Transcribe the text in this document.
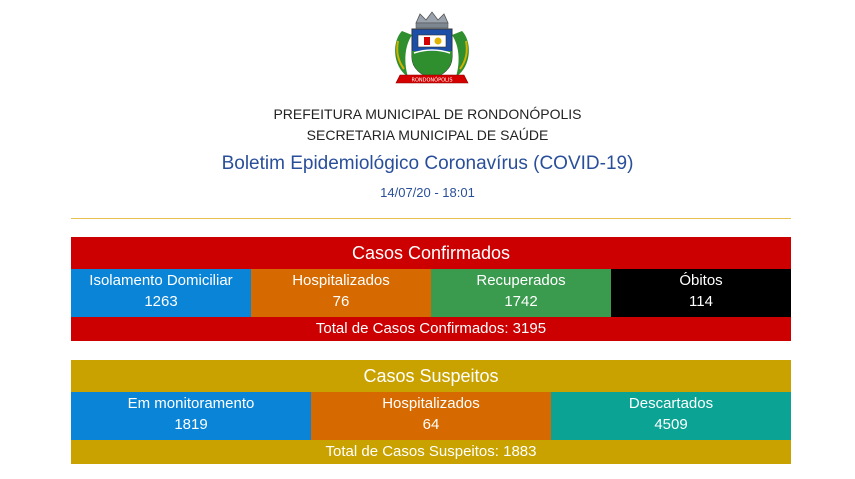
RONDONÓPOLIS
PREFEITURA MUNICIPAL DE RONDONÓPOLIS
SECRETARIA MUNICIPAL DE SAÚDE
Boletim Epidemiológico Coronavírus (COVID-19)
14/07/20 - 18:01
Casos Confirmados
Isolamento Domiciliar
1263
Hospitalizados
76
Recuperados
1742
Óbitos
114
Total de Casos Confirmados: 3195
Casos Suspeitos
Em monitoramento
1819
Hospitalizados
64
Descartados
4509
Total de Casos Suspeitos: 1883
